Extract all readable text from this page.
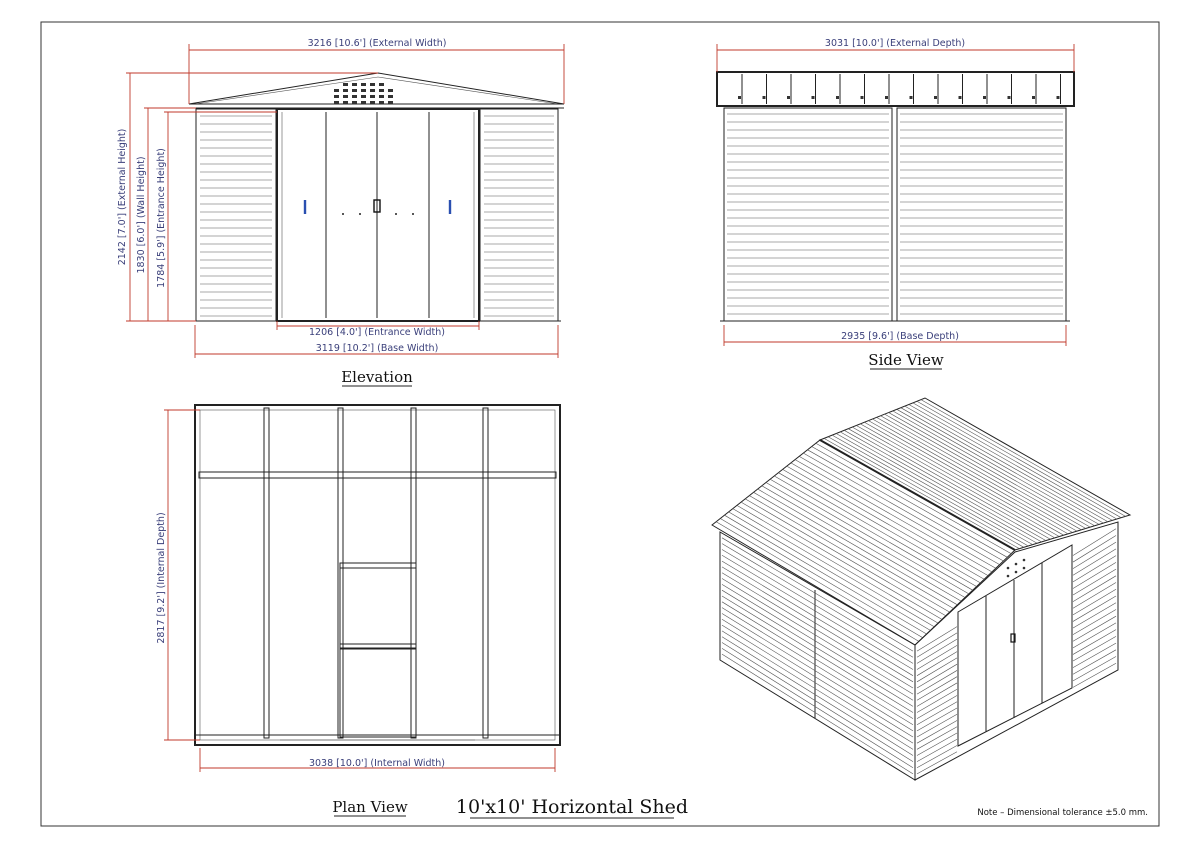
3216 [10.6'] (External Width)
2142 [7.0'] (External Height) 1830 [6.0'] (Wall Height) 1784 [5.9'] (Entrance Height)
1206 [4.0'] (Entrance Width)
3119 [10.2'] (Base Width)
Elevation
3031 [10.0'] (External Depth)
2935 [9.6'] (Base Depth)
Side View
2817 [9.2'] (Internal Depth)
3038 [10.0'] (Internal Width)
Plan View	10'x10' Horizontal Shed	Note – Dimensional tolerance ±5.0 mm.
